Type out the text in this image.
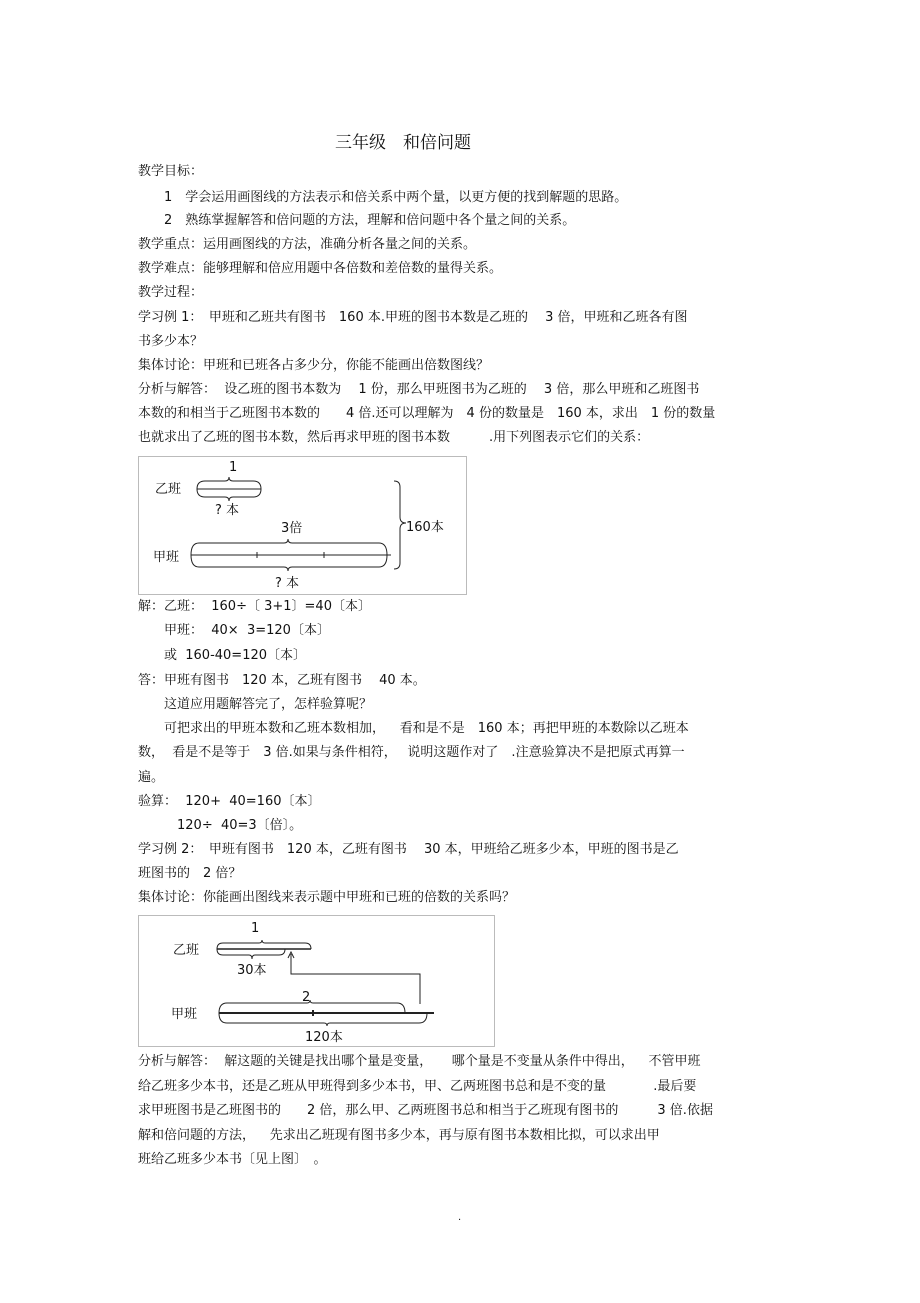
三年级　和倍问题
教学目标：
　　1　学会运用画图线的方法表示和倍关系中两个量，以更方便的找到解题的思路。
　　2　熟练掌握解答和倍问题的方法，理解和倍问题中各个量之间的关系。
教学重点：运用画图线的方法，准确分析各量之间的关系。
教学难点：能够理解和倍应用题中各倍数和差倍数的量得关系。
教学过程：
学习例 1：　甲班和乙班共有图书　160 本.甲班的图书本数是乙班的　 3 倍，甲班和乙班各有图
书多少本？
集体讨论：甲班和已班各占多少分，你能不能画出倍数图线？
分析与解答：  设乙班的图书本数为　 1 份，那么甲班图书为乙班的　 3 倍，那么甲班和乙班图书
本数的和相当于乙班图书本数的　　4 倍.还可以理解为　4 份的数量是　160 本，求出　1 份的数量
也就求出了乙班的图书本数，然后再求甲班的图书本数　　　.用下列图表示它们的关系：
1
乙班
? 本
3倍
甲班
? 本
160本
解：乙班：  160÷〔 3+1〕=40〔本〕
　　甲班：  40×  3=120〔本〕
　　或  160-40=120〔本〕
答：甲班有图书　120 本，乙班有图书　 40 本。
　　这道应用题解答完了，怎样验算呢？
　　可把求出的甲班本数和乙班本数相加，　  看和是不是　160 本；再把甲班的本数除以乙班本
数，  看是不是等于　3 倍.如果与条件相符，　 说明这题作对了　.注意验算决不是把原式再算一
遍。
验算：  120+  40=160〔本〕
　　　120÷  40=3〔倍〕。
学习例 2：　甲班有图书　120 本，乙班有图书　 30 本，甲班给乙班多少本，甲班的图书是乙
班图书的　2 倍？
集体讨论：你能画出图线来表示题中甲班和已班的倍数的关系吗？
1
乙班
30本
2
甲班
120本
分析与解答：  解这题的关键是找出哪个量是变量，　　哪个量是不变量从条件中得出，　  不管甲班
给乙班多少本书，还是乙班从甲班得到多少本书，甲、乙两班图书总和是不变的量　　　  .最后要
求甲班图书是乙班图书的　　2 倍，那么甲、乙两班图书总和相当于乙班现有图书的　　　3 倍.依据
解和倍问题的方法，　  先求出乙班现有图书多少本，再与原有图书本数相比拟，可以求出甲
班给乙班多少本书〔见上图〕　。
.
